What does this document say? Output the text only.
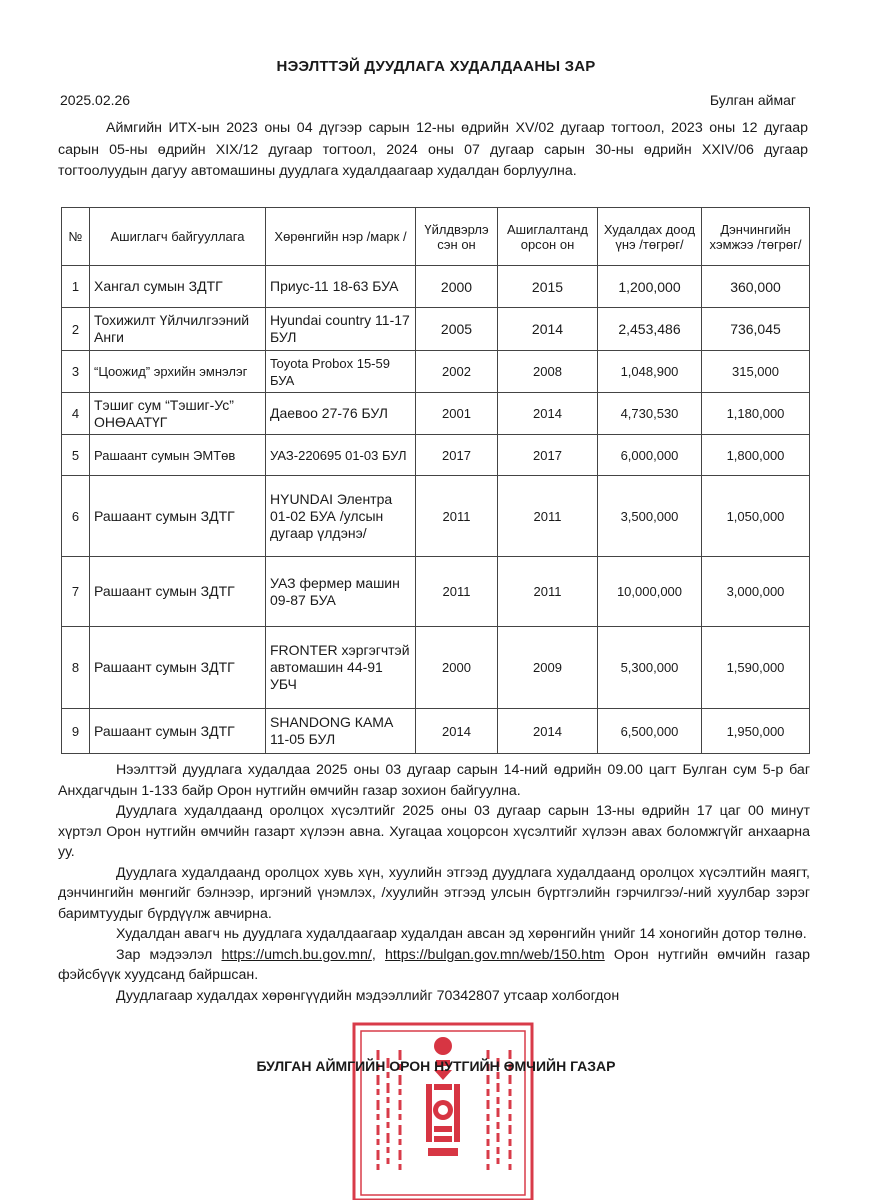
НЭЭЛТТЭЙ ДУУДЛАГА ХУДАЛДААНЫ ЗАР
2025.02.26	Булган аймаг
Аймгийн ИТХ-ын 2023 оны 04 дүгээр сарын 12-ны өдрийн XV/02 дугаар тогтоол, 2023 оны 12 дугаар сарын 05-ны өдрийн XIX/12 дугаар тогтоол, 2024 оны 07 дугаар сарын 30-ны өдрийн XXIV/06 дугаар тогтоолуудын дагуу автомашины дуудлага худалдаагаар худалдан борлуулна.
№	Ашиглагч байгууллага	Хөрөнгийн нэр /марк /	Үйлдвэрлэ сэн он	Ашиглалтанд орсон он	Худалдах доод үнэ /төгрөг/	Дэнчингийн хэмжээ /төгрөг/
1	Хангал сумын ЗДТГ	Приус-11 18-63 БУА	2000	2015	1,200,000	360,000
2	Тохижилт Үйлчилгээний Анги	Hyundai country 11-17 БУЛ	2005	2014	2,453,486	736,045
3	“Цоожид” эрхийн эмнэлэг	Toyota Probox 15-59 БУА	2002	2008	1,048,900	315,000
4	Тэшиг сум “Тэшиг-Ус” ОНӨААТҮГ	Даевоо 27-76 БУЛ	2001	2014	4,730,530	1,180,000
5	Рашаант сумын ЭМТөв	УАЗ-220695 01-03 БУЛ	2017	2017	6,000,000	1,800,000
6	Рашаант сумын ЗДТГ	HYUNDAI Элентра 01-02 БУА /улсын дугаар үлдэнэ/	2011	2011	3,500,000	1,050,000
7	Рашаант сумын ЗДТГ	УАЗ фермер машин 09-87 БУА	2011	2011	10,000,000	3,000,000
8	Рашаант сумын ЗДТГ	FRONTER хэргэгчтэй автомашин 44-91 УБЧ	2000	2009	5,300,000	1,590,000
9	Рашаант сумын ЗДТГ	SHANDONG КАМА 11-05 БУЛ	2014	2014	6,500,000	1,950,000

Нээлттэй дуудлага худалдаа 2025 оны 03 дугаар сарын 14-ний өдрийн 09.00 цагт Булган сум 5-р баг Анхдагчдын 1-133 байр Орон нутгийн өмчийн газар зохион байгуулна.

Дуудлага худалдаанд оролцох хүсэлтийг 2025 оны 03 дугаар сарын 13-ны өдрийн 17 цаг 00 минут хүртэл Орон нутгийн өмчийн газарт хүлээн авна. Хугацаа хоцорсон хүсэлтийг хүлээн авах боломжгүйг анхаарна уу.

Дуудлага худалдаанд оролцох хувь хүн, хуулийн этгээд дуудлага худалдаанд оролцох хүсэлтийн маягт, дэнчингийн мөнгийг бэлнээр, иргэний үнэмлэх, /хуулийн этгээд улсын бүртгэлийн гэрчилгээ/-ний хуулбар зэрэг баримтуудыг бүрдүүлж авчирна.

Худалдан авагч нь дуудлага худалдаагаар худалдан авсан эд хөрөнгийн үнийг 14 хоногийн дотор төлнө.

Зар мэдээлэл https://umch.bu.gov.mn/, https://bulgan.gov.mn/web/150.htm Орон нутгийн өмчийн газар фэйсбүүк хуудсанд байршсан.

Дуудлагаар худалдах хөрөнгүүдийн мэдээллийг 70342807 утсаар холбогдон

БУЛГАН АЙМГИЙН ОРОН НУТГИЙН ӨМЧИЙН ГАЗАР
